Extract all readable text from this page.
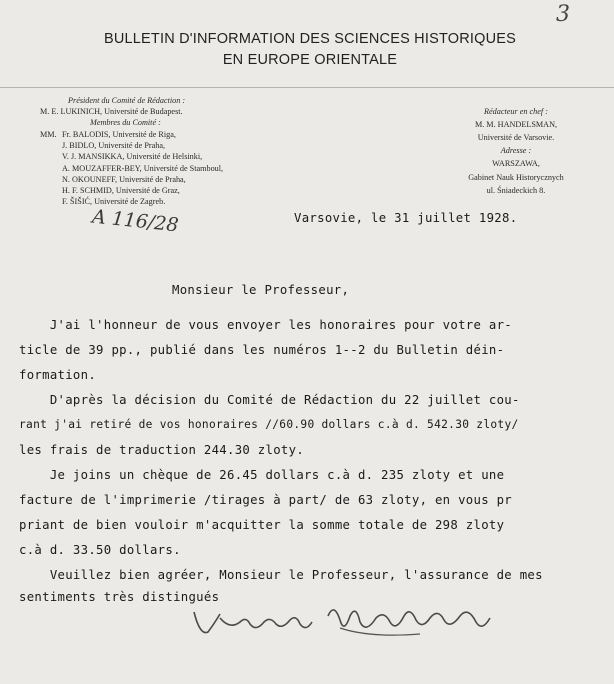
3
BULLETIN D'INFORMATION DES SCIENCES HISTORIQUES
EN EUROPE ORIENTALE
Président du Comité de Rédaction :
M. E. LUKINICH, Université de Budapest.
Membres du Comité :
MM. Fr. BALODIS, Université de Riga,
J. BIDLO, Université de Praha,
V. J. MANSIKKA, Université de Helsinki,
A. MOUZAFFER-BEY, Université de Stamboul,
N. OKOUNEFF, Université de Praha,
H. F. SCHMID, Université de Graz,
F. ŠIŠIĆ, Université de Zagreb.
Rédacteur en chef :
M. M. HANDELSMAN,
Université de Varsovie.
Adresse :
WARSZAWA,
Gabinet Nauk Historycznych
ul. Śniadeckich 8.
A 116/28	Varsovie, le 31 juillet 1928.
Monsieur le Professeur,
J'ai l'honneur de vous envoyer les honoraires pour votre ar-
ticle de 39 pp., publié dans les numéros 1--2 du Bulletin déin-
formation.
D'après la décision du Comité de Rédaction du 22 juillet cou-
rant j'ai retiré de vos honoraires //60.90 dollars c.à d. 542.30 zloty/
les frais de traduction 244.30 zloty.
Je joins un chèque de 26.45 dollars c.à d. 235 zloty et une
facture de l'imprimerie /tirages à part/ de 63 zloty, en vous pr
priant de bien vouloir m'acquitter la somme totale de 298 zloty
c.à d. 33.50 dollars.
Veuillez bien agréer, Monsieur le Professeur, l'assurance de mes
sentiments très distingués
